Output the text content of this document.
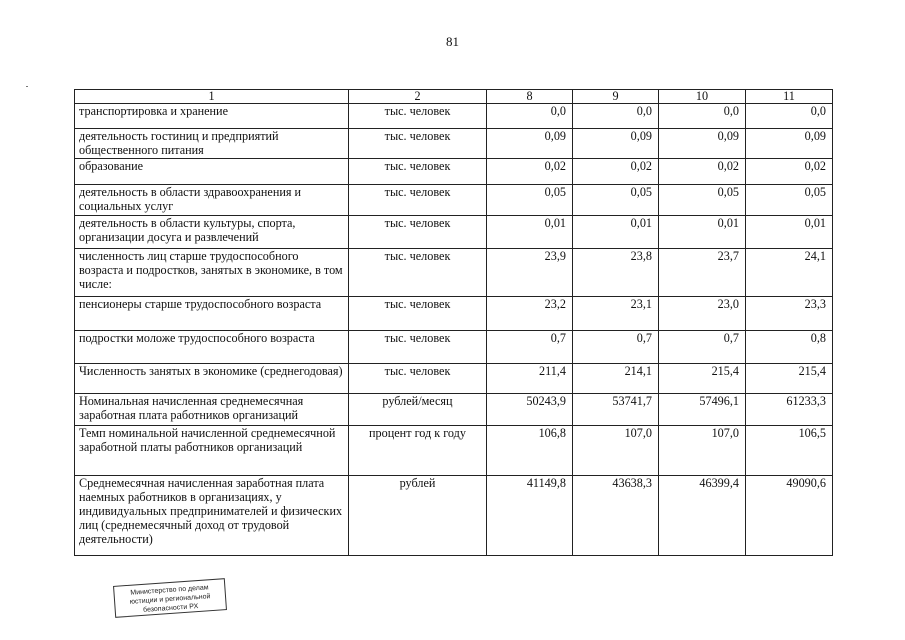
81
1	2	8	9	10	11
транспортировка и хранение	тыс. человек	0,0	0,0	0,0	0,0
деятельность гостиниц и предприятий общественного питания	тыс. человек	0,09	0,09	0,09	0,09
образование	тыс. человек	0,02	0,02	0,02	0,02
деятельность в области здравоохранения и социальных услуг	тыс. человек	0,05	0,05	0,05	0,05
деятельность в области культуры, спорта, организации досуга и развлечений	тыс. человек	0,01	0,01	0,01	0,01
численность лиц старше трудоспособного возраста и подростков, занятых в экономике, в том числе:	тыс. человек	23,9	23,8	23,7	24,1
пенсионеры старше трудоспособного возраста	тыс. человек	23,2	23,1	23,0	23,3
подростки моложе трудоспособного возраста	тыс. человек	0,7	0,7	0,7	0,8
Численность занятых в экономике (среднегодовая)	тыс. человек	211,4	214,1	215,4	215,4
Номинальная начисленная среднемесячная заработная плата работников организаций	рублей/месяц	50243,9	53741,7	57496,1	61233,3
Темп номинальной начисленной среднемесячной заработной платы работников организаций	процент год к году	106,8	107,0	107,0	106,5
Среднемесячная начисленная заработная плата наемных работников в организациях, у индивидуальных предпринимателей и физических лиц (среднемесячный доход от трудовой деятельности)	рублей	41149,8	43638,3	46399,4	49090,6
Министерство по делам
юстиции и региональной
безопасности РХ
